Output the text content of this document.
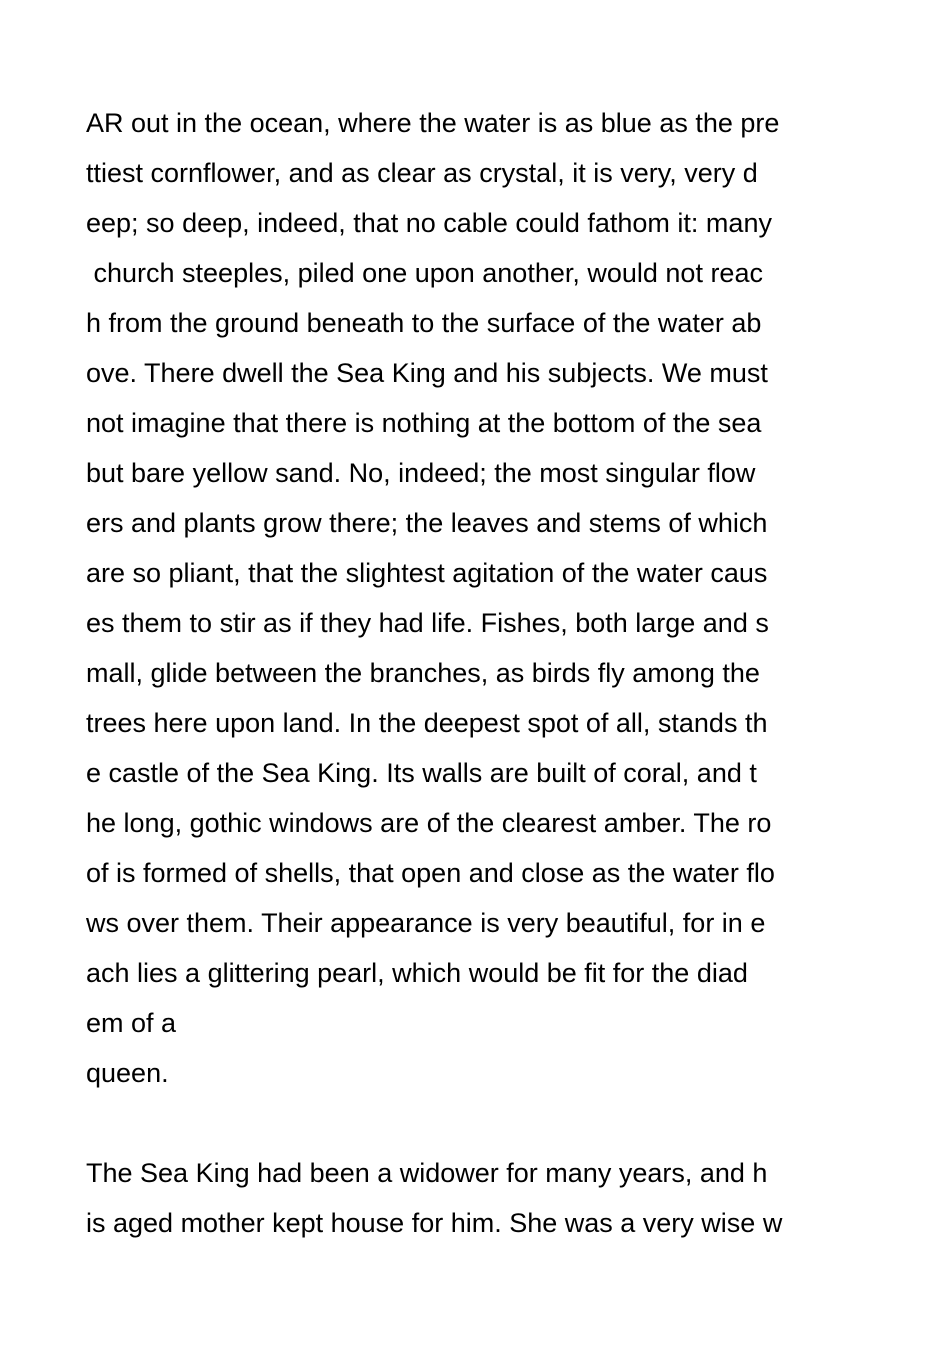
AR out in the ocean, where the water is as blue as the pre
ttiest cornflower, and as clear as crystal, it is very, very d
eep; so deep, indeed, that no cable could fathom it: many
church steeples, piled one upon another, would not reac
h from the ground beneath to the surface of the water ab
ove. There dwell the Sea King and his subjects. We must
not imagine that there is nothing at the bottom of the sea
but bare yellow sand. No, indeed; the most singular flow
ers and plants grow there; the leaves and stems of which
are so pliant, that the slightest agitation of the water caus
es them to stir as if they had life. Fishes, both large and s
mall, glide between the branches, as birds fly among the
trees here upon land. In the deepest spot of all, stands th
e castle of the Sea King. Its walls are built of coral, and t
he long, gothic windows are of the clearest amber. The ro
of is formed of shells, that open and close as the water flo
ws over them. Their appearance is very beautiful, for in e
ach lies a glittering pearl, which would be fit for the diad
em of a
queen.
The Sea King had been a widower for many years, and h
is aged mother kept house for him. She was a very wise w
